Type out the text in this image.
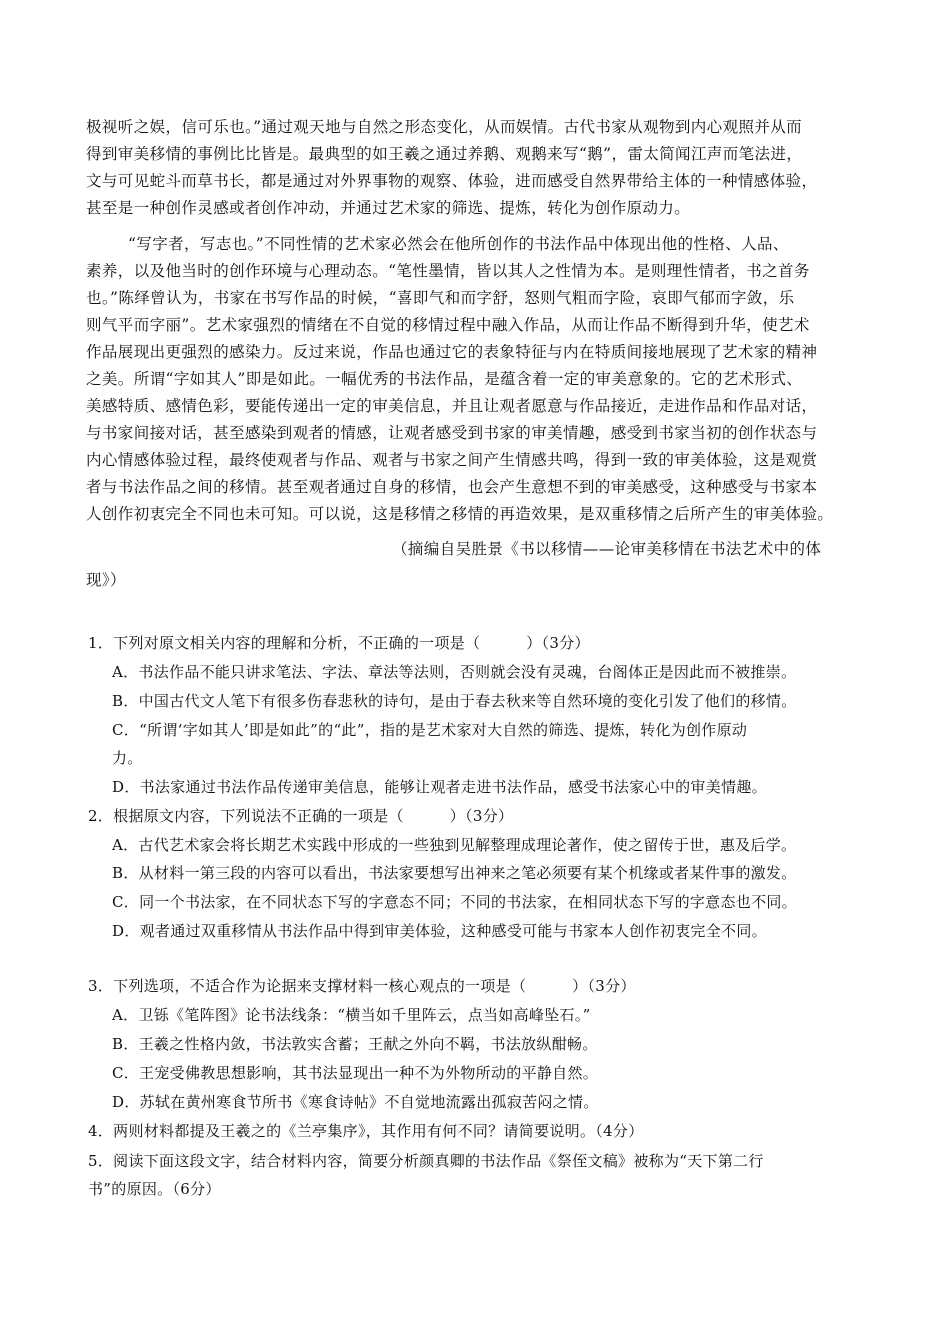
极视听之娱，信可乐也。”通过观天地与自然之形态变化，从而娱情。古代书家从观物到内心观照并从而
得到审美移情的事例比比皆是。最典型的如王羲之通过养鹅、观鹅来写“鹅”，雷太简闻江声而笔法进，
文与可见蛇斗而草书长，都是通过对外界事物的观察、体验，进而感受自然界带给主体的一种情感体验，
甚至是一种创作灵感或者创作冲动，并通过艺术家的筛选、提炼，转化为创作原动力。
“写字者，写志也。”不同性情的艺术家必然会在他所创作的书法作品中体现出他的性格、人品、
素养，以及他当时的创作环境与心理动态。“笔性墨情，皆以其人之性情为本。是则理性情者，书之首务
也。”陈绎曾认为，书家在书写作品的时候，“喜即气和而字舒，怒则气粗而字险，哀即气郁而字敛，乐
则气平而字丽”。艺术家强烈的情绪在不自觉的移情过程中融入作品，从而让作品不断得到升华，使艺术
作品展现出更强烈的感染力。反过来说，作品也通过它的表象特征与内在特质间接地展现了艺术家的精神
之美。所谓“字如其人”即是如此。一幅优秀的书法作品，是蕴含着一定的审美意象的。它的艺术形式、
美感特质、感情色彩，要能传递出一定的审美信息，并且让观者愿意与作品接近，走进作品和作品对话，
与书家间接对话，甚至感染到观者的情感，让观者感受到书家的审美情趣，感受到书家当初的创作状态与
内心情感体验过程，最终使观者与作品、观者与书家之间产生情感共鸣，得到一致的审美体验，这是观赏
者与书法作品之间的移情。甚至观者通过自身的移情，也会产生意想不到的审美感受，这种感受与书家本
人创作初衷完全不同也未可知。可以说，这是移情之移情的再造效果，是双重移情之后所产生的审美体验。
（摘编自吴胜景《书以移情——论审美移情在书法艺术中的体
现》）
1．下列对原文相关内容的理解和分析，不正确的一项是（　　　）（3分）
A．书法作品不能只讲求笔法、字法、章法等法则，否则就会没有灵魂，台阁体正是因此而不被推崇。
B．中国古代文人笔下有很多伤春悲秋的诗句，是由于春去秋来等自然环境的变化引发了他们的移情。
C．“所谓‘字如其人’即是如此”的“此”，指的是艺术家对大自然的筛选、提炼，转化为创作原动
力。
D．书法家通过书法作品传递审美信息，能够让观者走进书法作品，感受书法家心中的审美情趣。
2．根据原文内容，下列说法不正确的一项是（　　　）（3分）
A．古代艺术家会将长期艺术实践中形成的一些独到见解整理成理论著作，使之留传于世，惠及后学。
B．从材料一第三段的内容可以看出，书法家要想写出神来之笔必须要有某个机缘或者某件事的激发。
C．同一个书法家，在不同状态下写的字意态不同；不同的书法家，在相同状态下写的字意态也不同。
D．观者通过双重移情从书法作品中得到审美体验，这种感受可能与书家本人创作初衷完全不同。
3．下列选项，不适合作为论据来支撑材料一核心观点的一项是（　　　）（3分）
A．卫铄《笔阵图》论书法线条：“横当如千里阵云，点当如高峰坠石。”
B．王羲之性格内敛，书法敦实含蓄；王献之外向不羁，书法放纵酣畅。
C．王宠受佛教思想影响，其书法显现出一种不为外物所动的平静自然。
D．苏轼在黄州寒食节所书《寒食诗帖》不自觉地流露出孤寂苦闷之情。
4．两则材料都提及王羲之的《兰亭集序》，其作用有何不同？请简要说明。（4分）
5．阅读下面这段文字，结合材料内容，简要分析颜真卿的书法作品《祭侄文稿》被称为“天下第二行
书”的原因。（6分）
